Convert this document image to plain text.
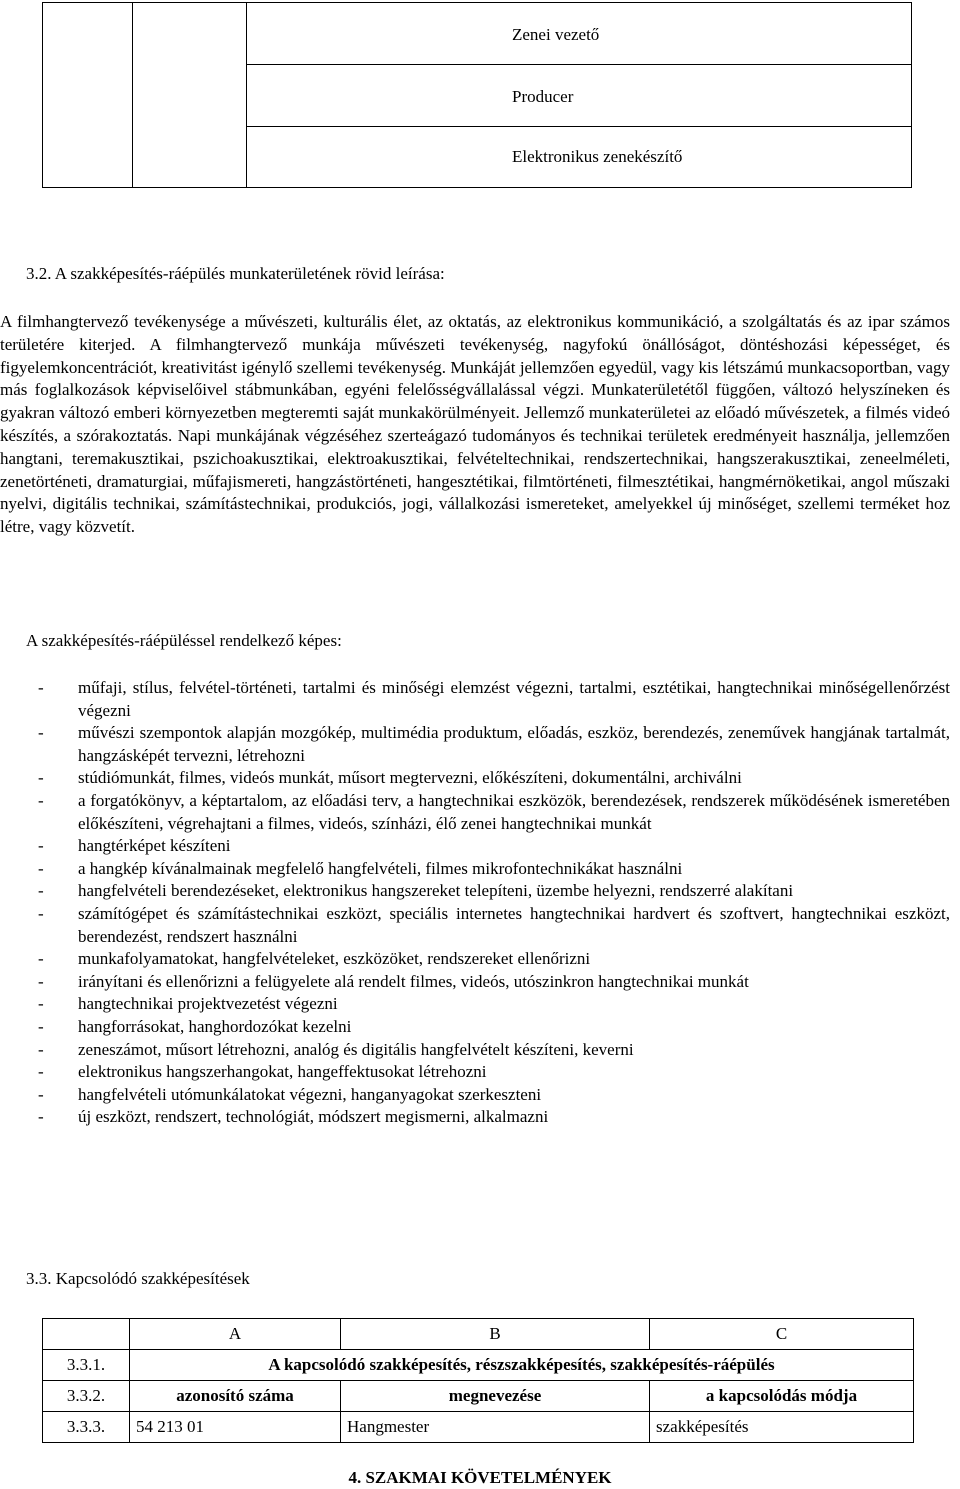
Zenei vezető
Producer
Elektronikus zenekészítő
3.2. A szakképesítés-ráépülés munkaterületének rövid leírása:

A filmhangtervező tevékenysége a művészeti, kulturális élet, az oktatás, az elektronikus kommunikáció, a szolgáltatás és az ipar számos területére kiterjed. A filmhangtervező munkája művészeti tevékenység, nagyfokú önállóságot, döntéshozási képességet, és figyelemkoncentrációt, kreativitást igénylő szellemi tevékenység. Munkáját jellemzően egyedül, vagy kis létszámú munkacsoportban, vagy más foglalkozások képviselőivel stábmunkában, egyéni felelősségvállalással végzi. Munkaterületétől függően, változó helyszíneken és gyakran változó emberi környezetben megteremti saját munkakörülményeit. Jellemző munkaterületei az előadó művészetek, a filmés videó készítés, a szórakoztatás. Napi munkájának végzéséhez szerteágazó tudományos és technikai területek eredményeit használja, jellemzően hangtani, teremakusztikai, pszichoakusztikai, elektroakusztikai, felvételtechnikai, rendszertechnikai, hangszerakusztikai, zeneelméleti, zenetörténeti, dramaturgiai, műfajismereti, hangzástörténeti, hangesztétikai, filmtörténeti, filmesztétikai, hangmérnöketikai, angol műszaki nyelvi, digitális technikai, számítástechnikai, produkciós, jogi, vállalkozási ismereteket, amelyekkel új minőséget, szellemi terméket hoz létre, vagy közvetít.

A szakképesítés-ráépüléssel rendelkező képes:
- műfaji, stílus, felvétel-történeti, tartalmi és minőségi elemzést végezni, tartalmi, esztétikai, hangtechnikai minőségellenőrzést végezni
- művészi szempontok alapján mozgókép, multimédia produktum, előadás, eszköz, berendezés, zeneművek hangjának tartalmát, hangzásképét tervezni, létrehozni
- stúdiómunkát, filmes, videós munkát, műsort megtervezni, előkészíteni, dokumentálni, archiválni
- a forgatókönyv, a képtartalom, az előadási terv, a hangtechnikai eszközök, berendezések, rendszerek működésének ismeretében előkészíteni, végrehajtani a filmes, videós, színházi, élő zenei hangtechnikai munkát
- hangtérképet készíteni
- a hangkép kívánalmainak megfelelő hangfelvételi, filmes mikrofontechnikákat használni
- hangfelvételi berendezéseket, elektronikus hangszereket telepíteni, üzembe helyezni, rendszerré alakítani
- számítógépet és számítástechnikai eszközt, speciális internetes hangtechnikai hardvert és szoftvert, hangtechnikai eszközt, berendezést, rendszert használni
- munkafolyamatokat, hangfelvételeket, eszközöket, rendszereket ellenőrizni
- irányítani és ellenőrizni a felügyelete alá rendelt filmes, videós, utószinkron hangtechnikai munkát
- hangtechnikai projektvezetést végezni
- hangforrásokat, hanghordozókat kezelni
- zeneszámot, műsort létrehozni, analóg és digitális hangfelvételt készíteni, keverni
- elektronikus hangszerhangokat, hangeffektusokat létrehozni
- hangfelvételi utómunkálatokat végezni, hanganyagokat szerkeszteni
- új eszközt, rendszert, technológiát, módszert megismerni, alkalmazni
3.3. Kapcsolódó szakképesítések
	A	B	C
3.3.1.	A kapcsolódó szakképesítés, részszakképesítés, szakképesítés-ráépülés		
3.3.2.	azonosító száma	megnevezése	a kapcsolódás módja
3.3.3.	54 213 01	Hangmester	szakképesítés
4. SZAKMAI KÖVETELMÉNYEK
